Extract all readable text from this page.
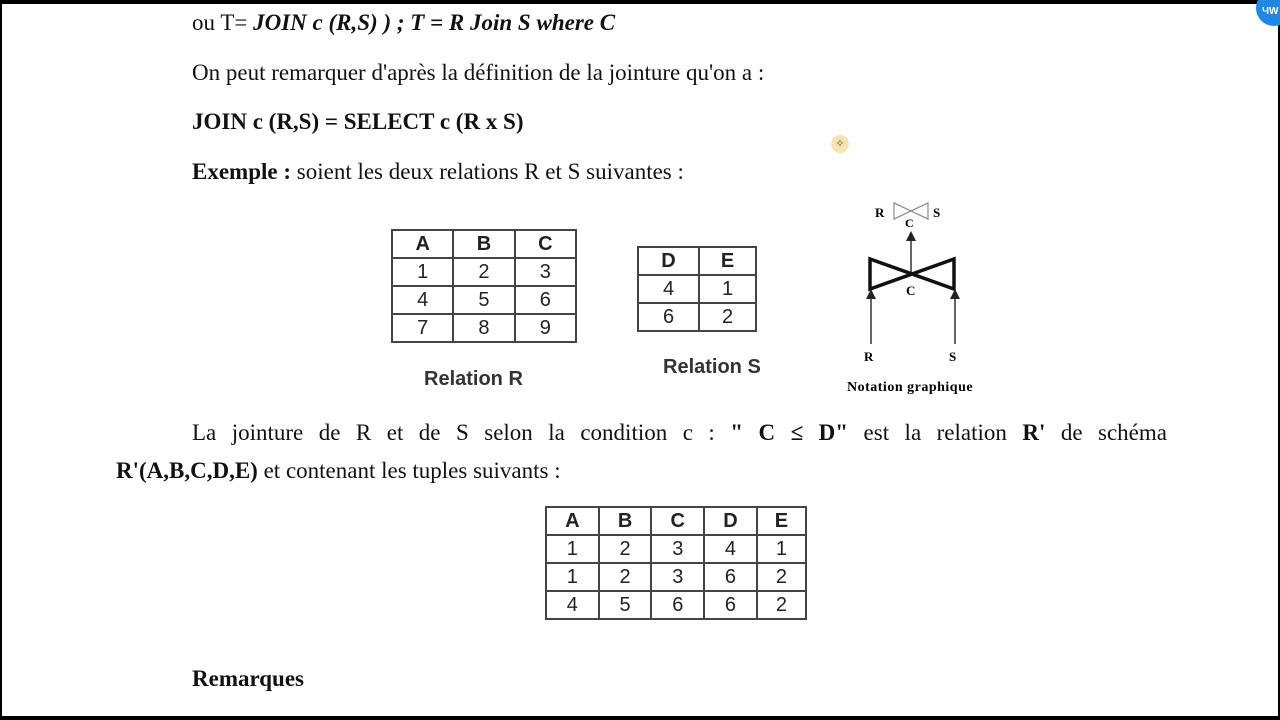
ou T= JOIN c (R,S) ) ; T = R Join S where C
On peut remarquer d'après la définition de la jointure qu'on a :
JOIN c (R,S) = SELECT c (R x S)
Exemple : soient les deux relations R et S suivantes :
A	B	C
1	2	3
4	5	6
7	8	9
Relation R
D	E
4	1
6	2
Relation S
R	S
C
C
R	S
Notation graphique
La jointure de R et de S selon la condition c : " C ≤ D" est la relation R' de schéma
R'(A,B,C,D,E) et contenant les tuples suivants :
A	B	C	D	E
1	2	3	4	1
1	2	3	6	2
4	5	6	6	2
Remarques
✧
ЧW
